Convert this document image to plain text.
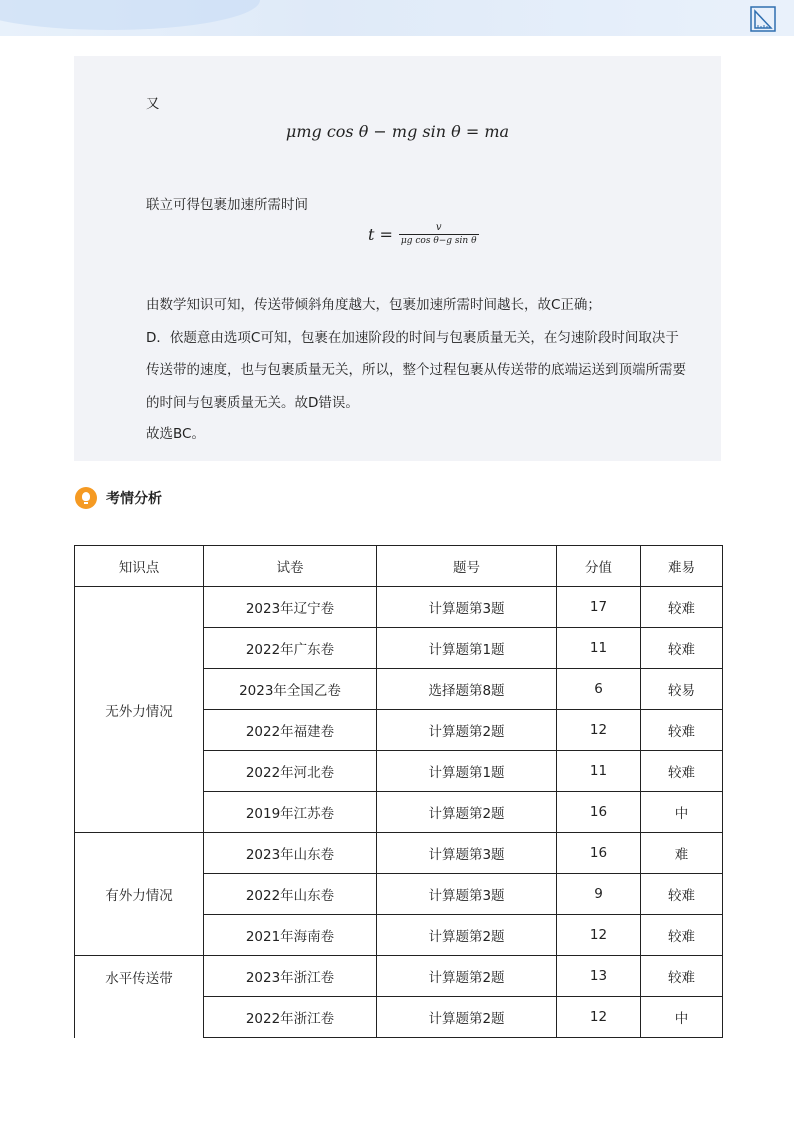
又
μmg cos θ − mg sin θ = ma
联立可得包裹加速所需时间
$t = \frac{v}{\text{μg cos θ−g sin θ}}$
由数学知识可知，传送带倾斜角度越大，包裹加速所需时间越长，故C正确；
D．依题意由选项C可知，包裹在加速阶段的时间与包裹质量无关，在匀速阶段时间取决于
传送带的速度，也与包裹质量无关，所以，整个过程包裹从传送带的底端运送到顶端所需要
的时间与包裹质量无关。故D错误。
故选BC。
考情分析
知识点	试卷	题号	分值	难易
无外力情况	2023年辽宁卷	计算题第3题	17	较难
	2022年广东卷	计算题第1题	11	较难
	2023年全国乙卷	选择题第8题	6	较易
	2022年福建卷	计算题第2题	12	较难
	2022年河北卷	计算题第1题	11	较难
	2019年江苏卷	计算题第2题	16	中
有外力情况	2023年山东卷	计算题第3题	16	难
	2022年山东卷	计算题第3题	9	较难
	2021年海南卷	计算题第2题	12	较难
水平传送带	2023年浙江卷	计算题第2题	13	较难
	2022年浙江卷	计算题第2题	12	中
